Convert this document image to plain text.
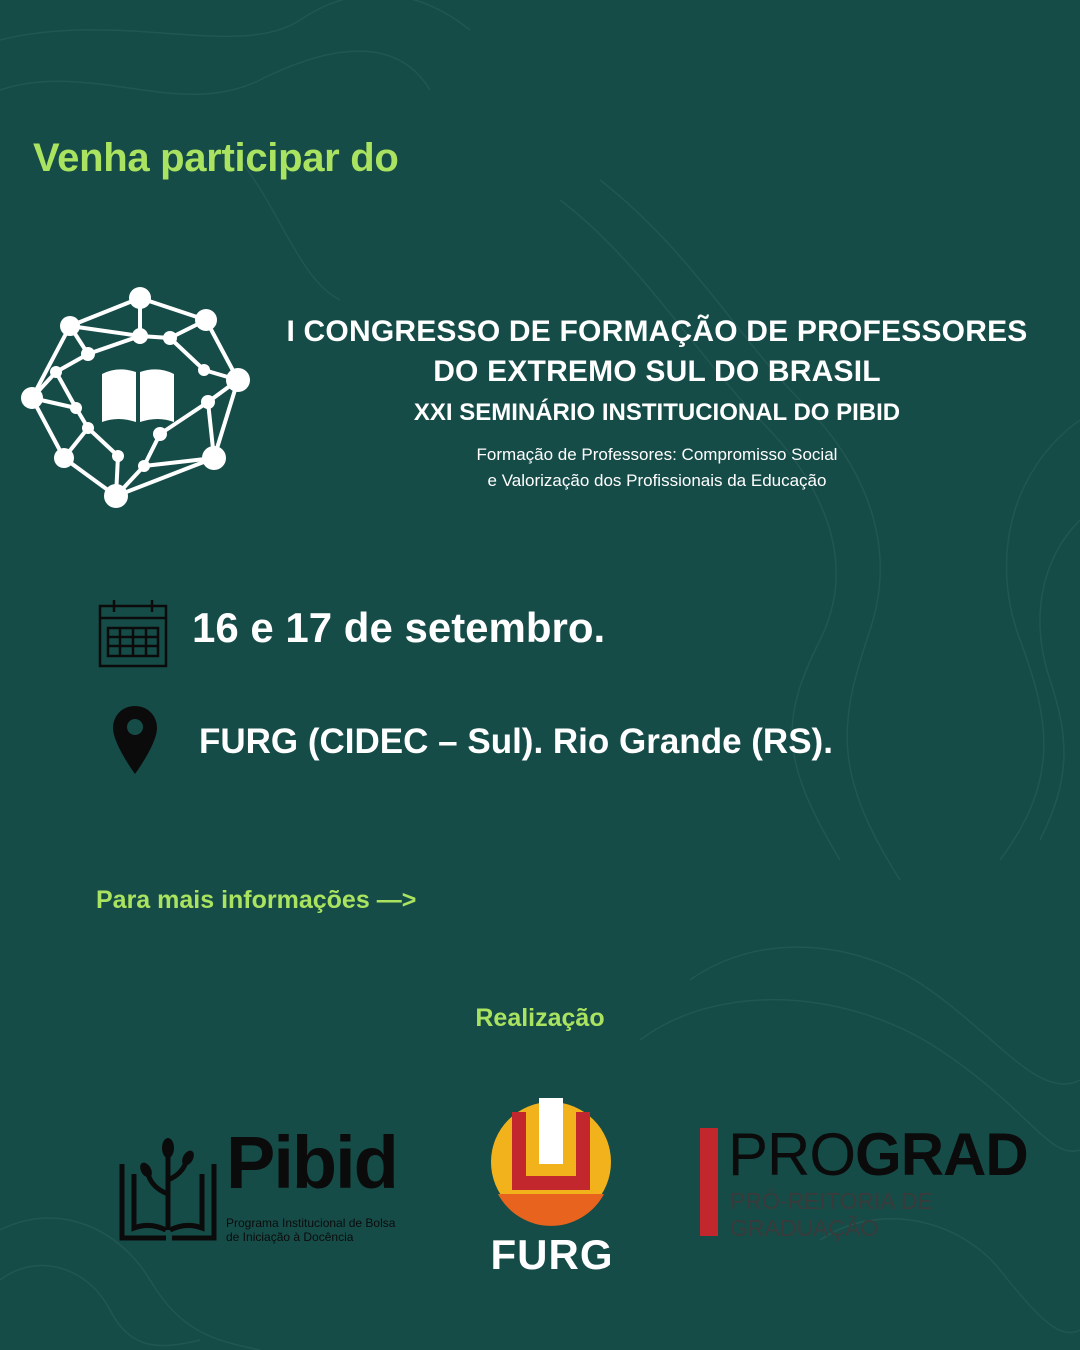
Venha participar do
I CONGRESSO DE FORMAÇÃO DE PROFESSORES
DO EXTREMO SUL DO BRASIL
XXI SEMINÁRIO INSTITUCIONAL DO PIBID
Formação de Professores: Compromisso Social
e Valorização dos Profissionais da Educação
16 e 17 de setembro.
FURG (CIDEC – Sul). Rio Grande (RS).
Para mais informações —>
Realização
Pibid
Programa Institucional de Bolsa
de Iniciação à Docência	FURG
PROGRAD
PRÓ-REITORIA DE
GRADUAÇÃO
